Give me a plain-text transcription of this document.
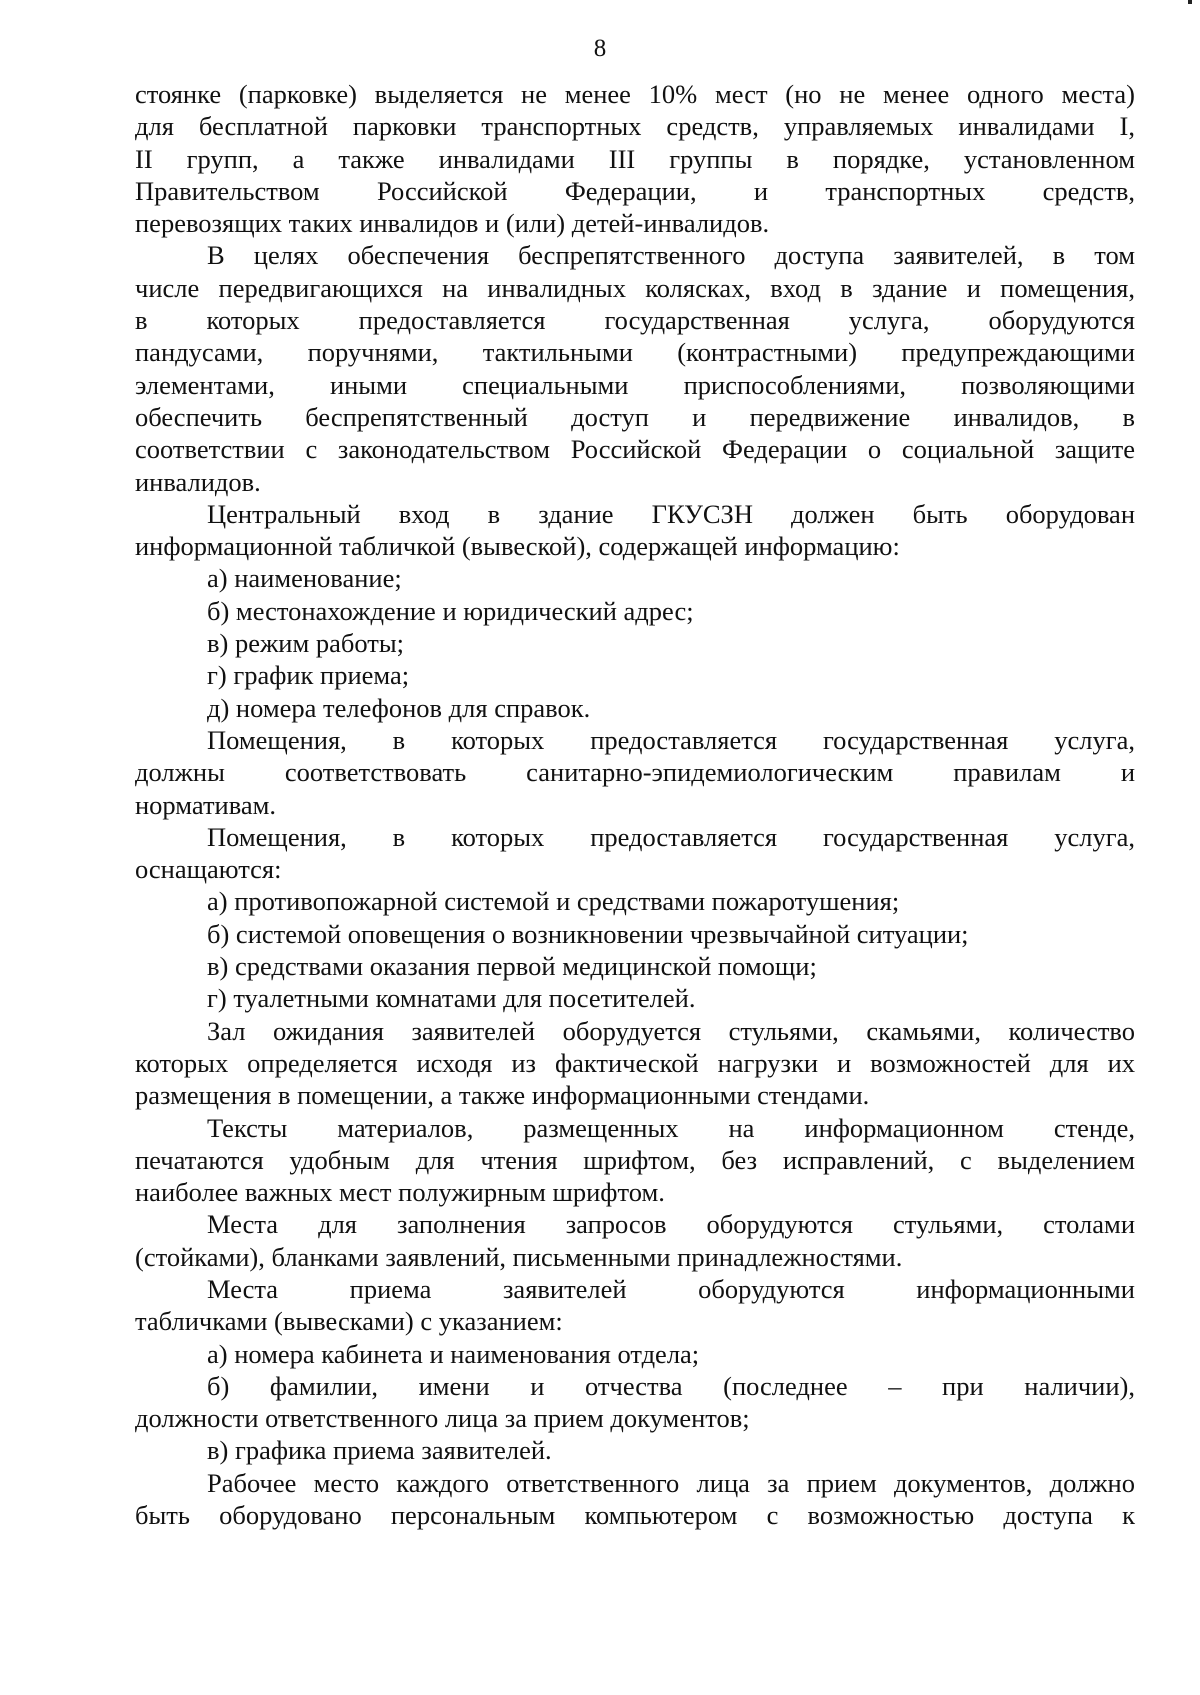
8
стоянке (парковке) выделяется не менее 10% мест (но не менее одного места)
для бесплатной парковки транспортных средств, управляемых инвалидами I,
II групп, а также инвалидами III группы в порядке, установленном
Правительством Российской Федерации, и транспортных средств,
перевозящих таких инвалидов и (или) детей-инвалидов.
В целях обеспечения беспрепятственного доступа заявителей, в том
числе передвигающихся на инвалидных колясках, вход в здание и помещения,
в которых предоставляется государственная услуга, оборудуются
пандусами, поручнями, тактильными (контрастными) предупреждающими
элементами, иными специальными приспособлениями, позволяющими
обеспечить беспрепятственный доступ и передвижение инвалидов, в
соответствии с законодательством Российской Федерации о социальной защите
инвалидов.
Центральный вход в здание ГКУСЗН должен быть оборудован
информационной табличкой (вывеской), содержащей информацию:
а) наименование;
б) местонахождение и юридический адрес;
в) режим работы;
г) график приема;
д) номера телефонов для справок.
Помещения, в которых предоставляется государственная услуга,
должны соответствовать санитарно-эпидемиологическим правилам и
нормативам.
Помещения, в которых предоставляется государственная услуга,
оснащаются:
а) противопожарной системой и средствами пожаротушения;
б) системой оповещения о возникновении чрезвычайной ситуации;
в) средствами оказания первой медицинской помощи;
г) туалетными комнатами для посетителей.
Зал ожидания заявителей оборудуется стульями, скамьями, количество
которых определяется исходя из фактической нагрузки и возможностей для их
размещения в помещении, а также информационными стендами.
Тексты материалов, размещенных на информационном стенде,
печатаются удобным для чтения шрифтом, без исправлений, с выделением
наиболее важных мест полужирным шрифтом.
Места для заполнения запросов оборудуются стульями, столами
(стойками), бланками заявлений, письменными принадлежностями.
Места приема заявителей оборудуются информационными
табличками (вывесками) с указанием:
а) номера кабинета и наименования отдела;
б) фамилии, имени и отчества (последнее – при наличии),
должности ответственного лица за прием документов;
в) графика приема заявителей.
Рабочее место каждого ответственного лица за прием документов, должно
быть оборудовано персональным компьютером с возможностью доступа к
